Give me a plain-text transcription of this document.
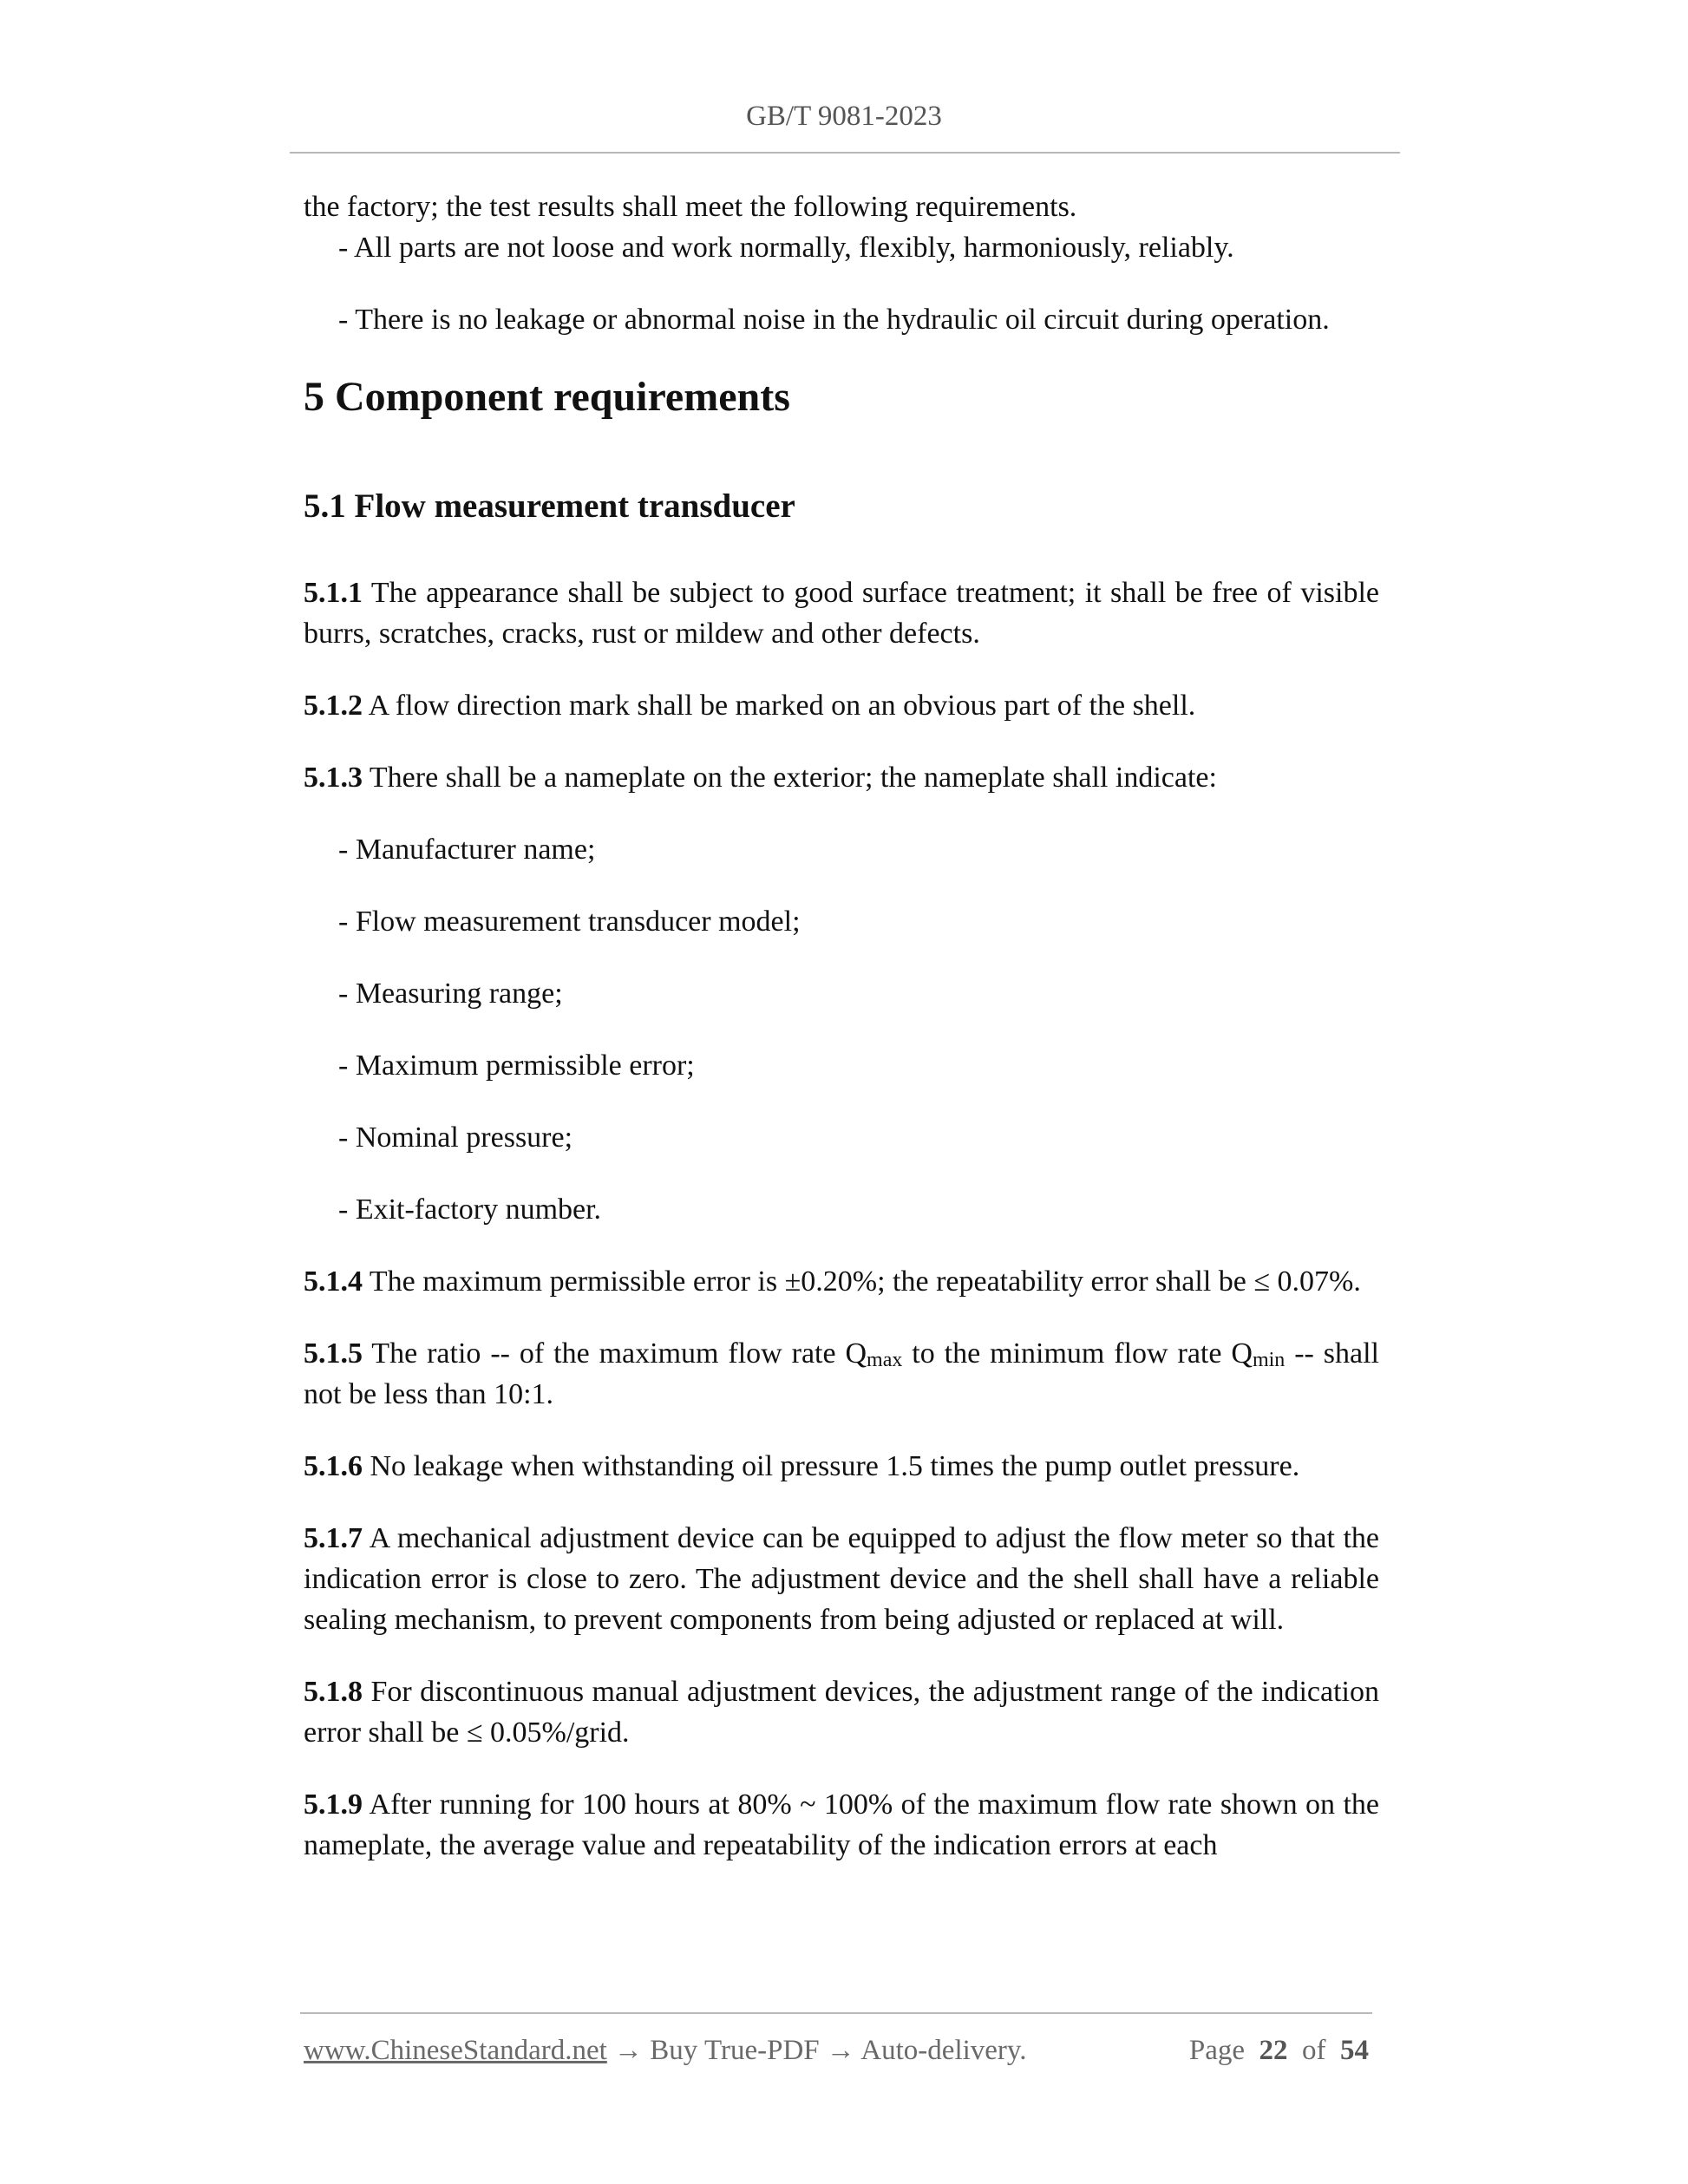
GB/T 9081-2023

the factory; the test results shall meet the following requirements.

- All parts are not loose and work normally, flexibly, harmoniously, reliably.

- There is no leakage or abnormal noise in the hydraulic oil circuit during operation.

5 Component requirements
5.1 Flow measurement transducer

5.1.1 The appearance shall be subject to good surface treatment; it shall be free of visible burrs, scratches, cracks, rust or mildew and other defects.

5.1.2 A flow direction mark shall be marked on an obvious part of the shell.

5.1.3 There shall be a nameplate on the exterior; the nameplate shall indicate:

- Manufacturer name;

- Flow measurement transducer model;

- Measuring range;

- Maximum permissible error;

- Nominal pressure;

- Exit-factory number.

5.1.4 The maximum permissible error is ±0.20%; the repeatability error shall be ≤ 0.07%.

5.1.5 The ratio -- of the maximum flow rate $Q_{max}$ to the minimum flow rate $Q_{min}$ -- shall not be less than 10:1.

5.1.6 No leakage when withstanding oil pressure 1.5 times the pump outlet pressure.

5.1.7 A mechanical adjustment device can be equipped to adjust the flow meter so that the indication error is close to zero. The adjustment device and the shell shall have a reliable sealing mechanism, to prevent components from being adjusted or replaced at will.

5.1.8 For discontinuous manual adjustment devices, the adjustment range of the indication error shall be ≤ 0.05%/grid.

5.1.9 After running for 100 hours at 80% ~ 100% of the maximum flow rate shown on the nameplate, the average value and repeatability of the indication errors at each

www.ChineseStandard.net → Buy True-PDF → Auto-delivery.	Page 22 of 54
